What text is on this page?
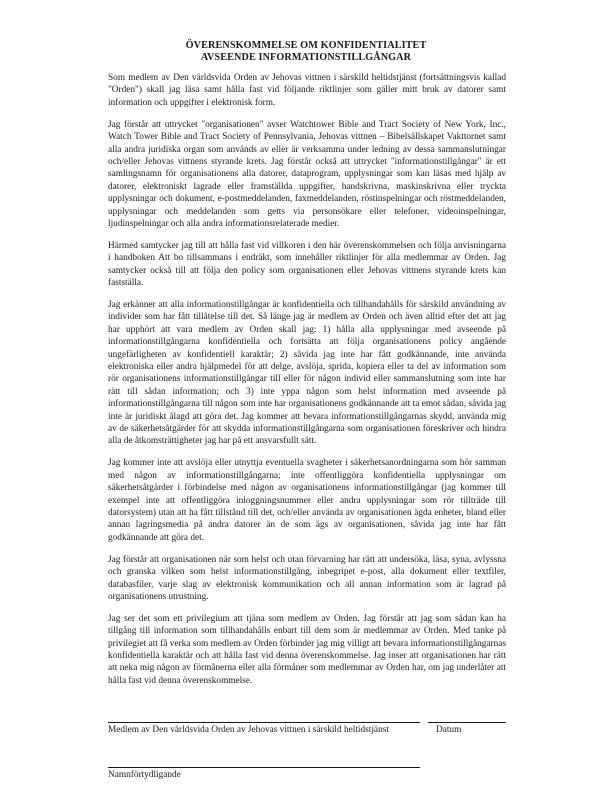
ÖVERENSKOMMELSE OM KONFIDENTIALITET
AVSEENDE INFORMATIONSTILLGÅNGAR

Som medlem av Den världsvida Orden av Jehovas vittnen i särskild heltidstjänst (fortsättningsvis kallad "Orden") skall jag läsa samt hålla fast vid följande riktlinjer som gäller mitt bruk av datorer samt information och uppgifter i elektronisk form.

Jag förstår att uttrycket "organisationen" avser Watchtower Bible and Tract Society of New York, Inc., Watch Tower Bible and Tract Society of Pennsylvania, Jehovas vittnen – Bibelsällskapet Vakttornet samt alla andra juridiska organ som används av eller är verksamma under ledning av dessa sammanslutningar och/eller Jehovas vittnens styrande krets. Jag förstår också att uttrycket "informationstillgångar" är ett samlingsnamn för organisationens alla datorer, dataprogram, upplysningar som kan läsas med hjälp av datorer, elektroniskt lagrade eller framställda uppgifter, handskrivna, maskinskrivna eller tryckta upplysningar och dokument, e-postmeddelanden, faxmeddelanden, röstinspelningar och röstmeddelanden, upplysningar och meddelanden som getts via personsökare eller telefoner, videoinspelningar, ljudinspelningar och alla andra informationsrelaterade medier.

Härmed samtycker jag till att hålla fast vid villkoren i den här överenskommelsen och följa anvisningarna i handboken Att bo tillsammans i endräkt, som innehåller riktlinjer för alla medlemmar av Orden. Jag samtycker också till att följa den policy som organisationen eller Jehovas vittnens styrande krets kan fastställa.

Jag erkänner att alla informationstillgångar är konfidentiella och tillhandahålls för särskild användning av individer som har fått tillåtelse till det. Så länge jag är medlem av Orden och även alltid efter det att jag har upphört att vara medlem av Orden skall jag: 1) hålla alla upplysningar med avseende på informationstillgångarna konfidentiella och fortsätta att följa organisationens policy angående ungefärligheten av konfidentiell karaktär; 2) såvida jag inte har fått godkännande, inte använda elektroniska eller andra hjälpmedel för att delge, avslöja, sprida, kopiera eller ta del av information som rör organisationens informationstillgångar till eller för någon individ eller sammanslutning som inte har rätt till sådan information; och 3) inte yppa någon som helst information med avseende på informationstillgångarna till någon som inte har organisationens godkännande att ta emot sådan, såvida jag inte är juridiskt ålagd att göra det. Jag kommer att bevara informationstillgångarnas skydd, använda mig av de säkerhetsåtgärder för att skydda informationstillgångarna som organisationen föreskriver och hindra alla de åtkomsträttigheter jag har på ett ansvarsfullt sätt.

Jag kommer inte att avslöja eller utnyttja eventuella svagheter i säkerhetsanordningarna som hör samman med någon av informationstillgångarna; inte offentliggöra konfidentiella upplysningar om säkerhetsåtgärder i förbindelse med någon av organisationens informationstillgångar (jag kommer till exempel inte att offentliggöra inloggningsnummer eller andra upplysningar som rör tillträde till datorsystem) utan att ha fått tillstånd till det, och/eller använda av organisationen ägda enheter, bland eller annan lagringsmedia på andra datorer än de som ägs av organisationen, såvida jag inte har fått godkännande att göra det.

Jag förstår att organisationen när som helst och utan förvarning har rätt att undersöka, läsa, syna, avlyssna och granska vilken som helst informationstillgång, inbegripet e-post, alla dokument eller textfiler, databasfiler, varje slag av elektronisk kommunikation och all annan information som är lagrad på organisationens utrustning.

Jag ser det som ett privilegium att tjäna som medlem av Orden. Jag förstår att jag som sådan kan ha tillgång till information som tillhandahålls enbart till dem som är medlemmar av Orden. Med tanke på privilegiet att få verka som medlem av Orden förbinder jag mig villigt att bevara informationstillgångarnas konfidentiella karaktär och att hålla fast vid denna överenskommelse. Jag inser att organisationen har rätt att neka mig någon av förmånerna eller alla förmåner som medlemmar av Orden har, om jag underlåter att hålla fast vid denna överenskommelse.

Medlem av Den världsvida Orden av Jehovas vittnen i särskild heltidstjänst	Datum
Namnförtydligande
